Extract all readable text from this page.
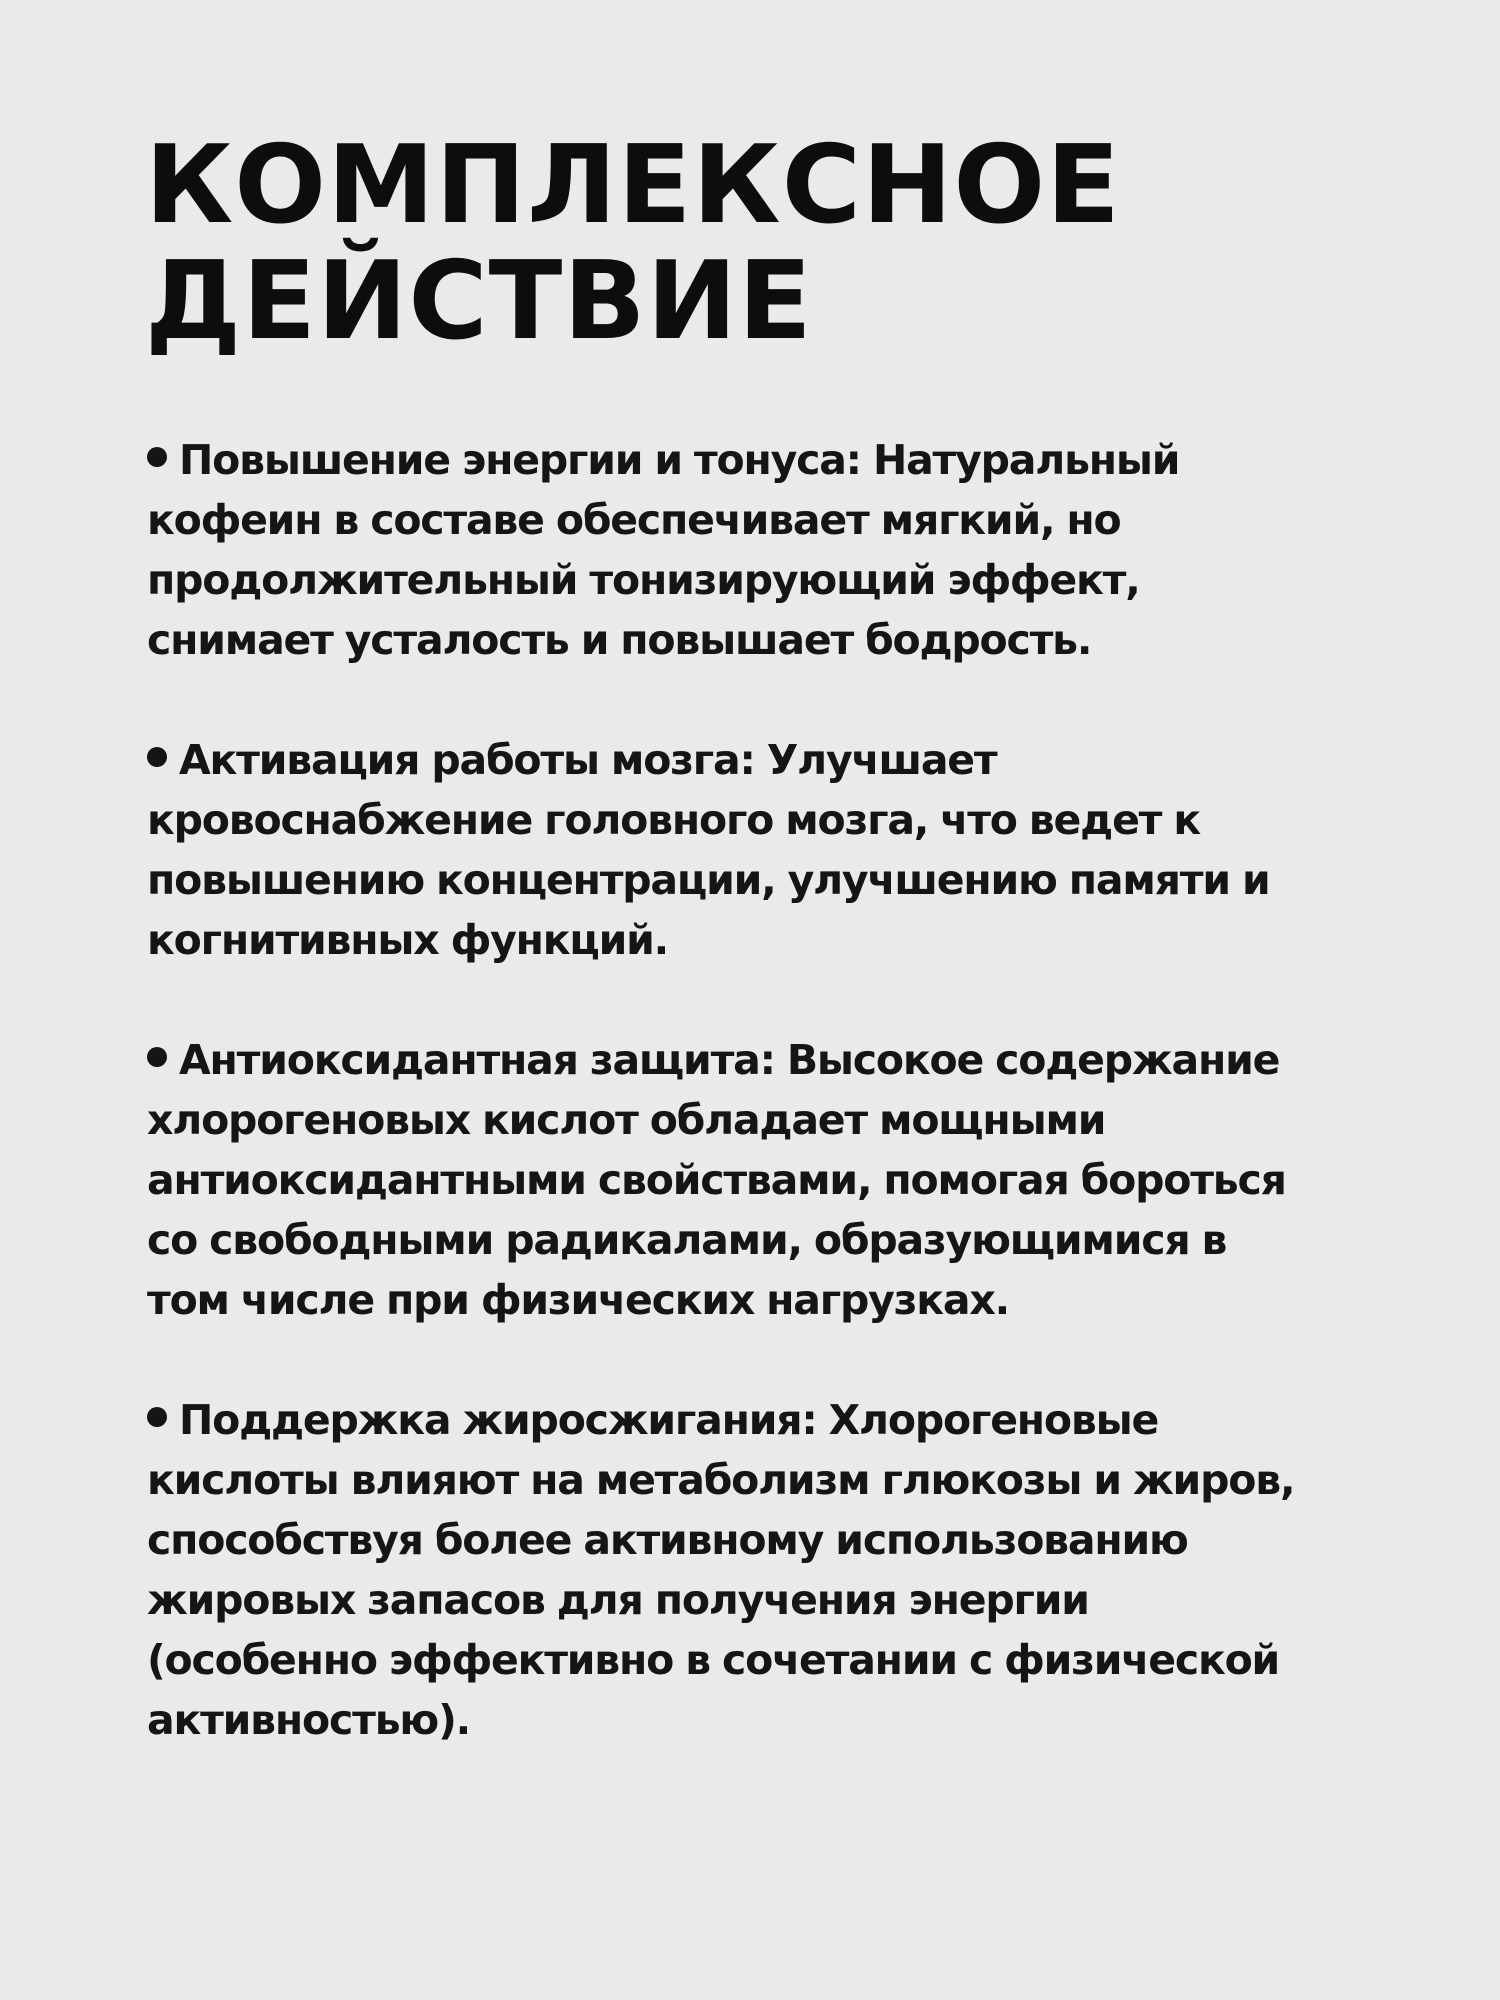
КОМПЛЕКСНОЕ
ДЕЙСТВИЕ

Повышение энергии и тонуса: Натуральный
кофеин в составе обеспечивает мягкий, но
продолжительный тонизирующий эффект,
снимает усталость и повышает бодрость.

Активация работы мозга: Улучшает
кровоснабжение головного мозга, что ведет к
повышению концентрации, улучшению памяти и
когнитивных функций.

Антиоксидантная защита: Высокое содержание
хлорогеновых кислот обладает мощными
антиоксидантными свойствами, помогая бороться
со свободными радикалами, образующимися в
том числе при физических нагрузках.

Поддержка жиросжигания: Хлорогеновые
кислоты влияют на метаболизм глюкозы и жиров,
способствуя более активному использованию
жировых запасов для получения энергии
(особенно эффективно в сочетании с физической
активностью).
